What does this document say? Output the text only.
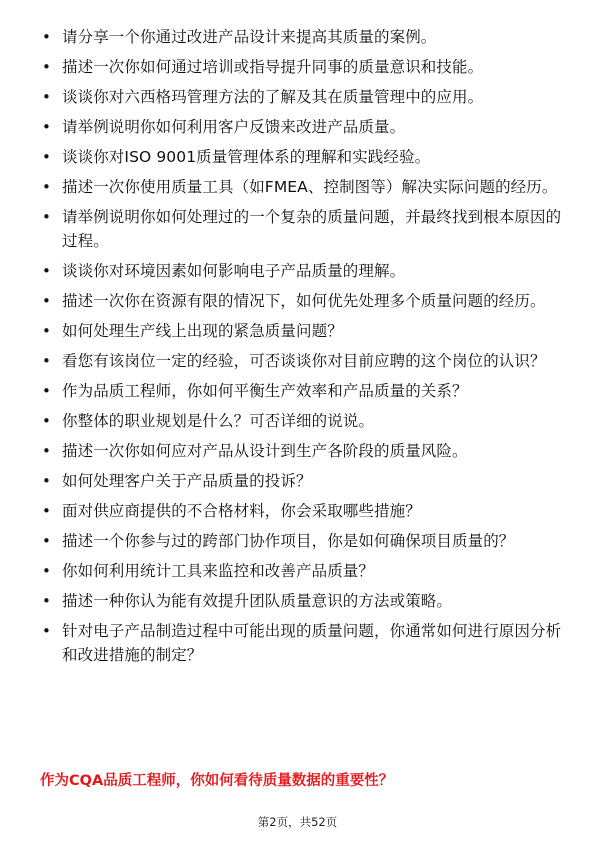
• 请分享一个你通过改进产品设计来提高其质量的案例。
• 描述一次你如何通过培训或指导提升同事的质量意识和技能。
• 谈谈你对六西格玛管理方法的了解及其在质量管理中的应用。
• 请举例说明你如何利用客户反馈来改进产品质量。
• 谈谈你对ISO 9001质量管理体系的理解和实践经验。
• 描述一次你使用质量工具（如FMEA、控制图等）解决实际问题的经历。
• 请举例说明你如何处理过的一个复杂的质量问题，并最终找到根本原因的过程。
• 谈谈你对环境因素如何影响电子产品质量的理解。
• 描述一次你在资源有限的情况下，如何优先处理多个质量问题的经历。
• 如何处理生产线上出现的紧急质量问题？
• 看您有该岗位一定的经验，可否谈谈你对目前应聘的这个岗位的认识？
• 作为品质工程师，你如何平衡生产效率和产品质量的关系？
• 你整体的职业规划是什么？可否详细的说说。
• 描述一次你如何应对产品从设计到生产各阶段的质量风险。
• 如何处理客户关于产品质量的投诉？
• 面对供应商提供的不合格材料，你会采取哪些措施？
• 描述一个你参与过的跨部门协作项目，你是如何确保项目质量的？
• 你如何利用统计工具来监控和改善产品质量？
• 描述一种你认为能有效提升团队质量意识的方法或策略。
• 针对电子产品制造过程中可能出现的质量问题，你通常如何进行原因分析和改进措施的制定？
作为CQA品质工程师，你如何看待质量数据的重要性？
第2页，共52页
